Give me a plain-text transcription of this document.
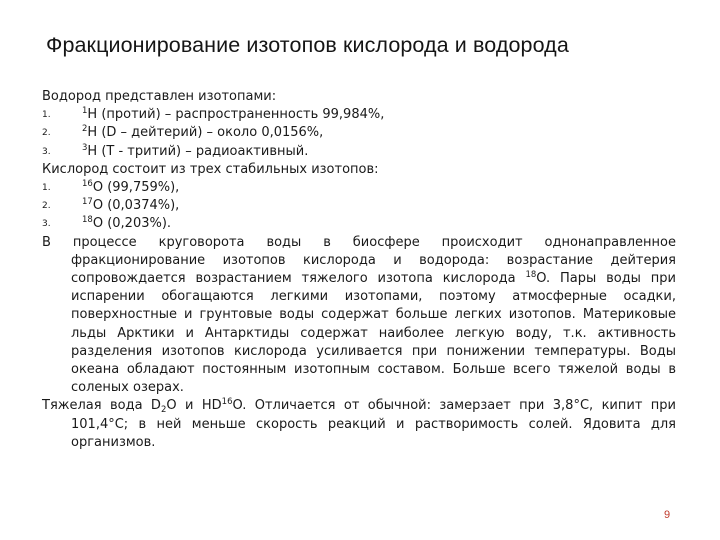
Фракционирование изотопов кислорода и водорода
Водород представлен изотопами:
1.	$^1$H (протий) – распространенность 99,984%,
2.	$^2$H (D – дейтерий) – около 0,0156%,
3.	$^3$H (T - тритий) – радиоактивный.
Кислород состоит из трех стабильных изотопов:
1.	$^{16}$O (99,759%),
2.	$^{17}$O (0,0374%),
3.	$^{18}$O (0,203%).
В процессе круговорота воды в биосфере происходит однонаправленное фракционирование изотопов кислорода и водорода: возрастание дейтерия сопровождается возрастанием тяжелого изотопа кислорода $^{18}$O. Пары воды при испарении обогащаются легкими изотопами, поэтому атмосферные осадки, поверхностные и грунтовые воды содержат больше легких изотопов. Материковые льды Арктики и Антарктиды содержат наиболее легкую воду, т.к. активность разделения изотопов кислорода усиливается при понижении температуры. Воды океана обладают постоянным изотопным составом. Больше всего тяжелой воды в соленых озерах.
Тяжелая вода $D_2O$ и HD$^{16}$O. Отличается от обычной: замерзает при 3,8°С, кипит при 101,4°С; в ней меньше скорость реакций и растворимость солей. Ядовита для организмов.
9
